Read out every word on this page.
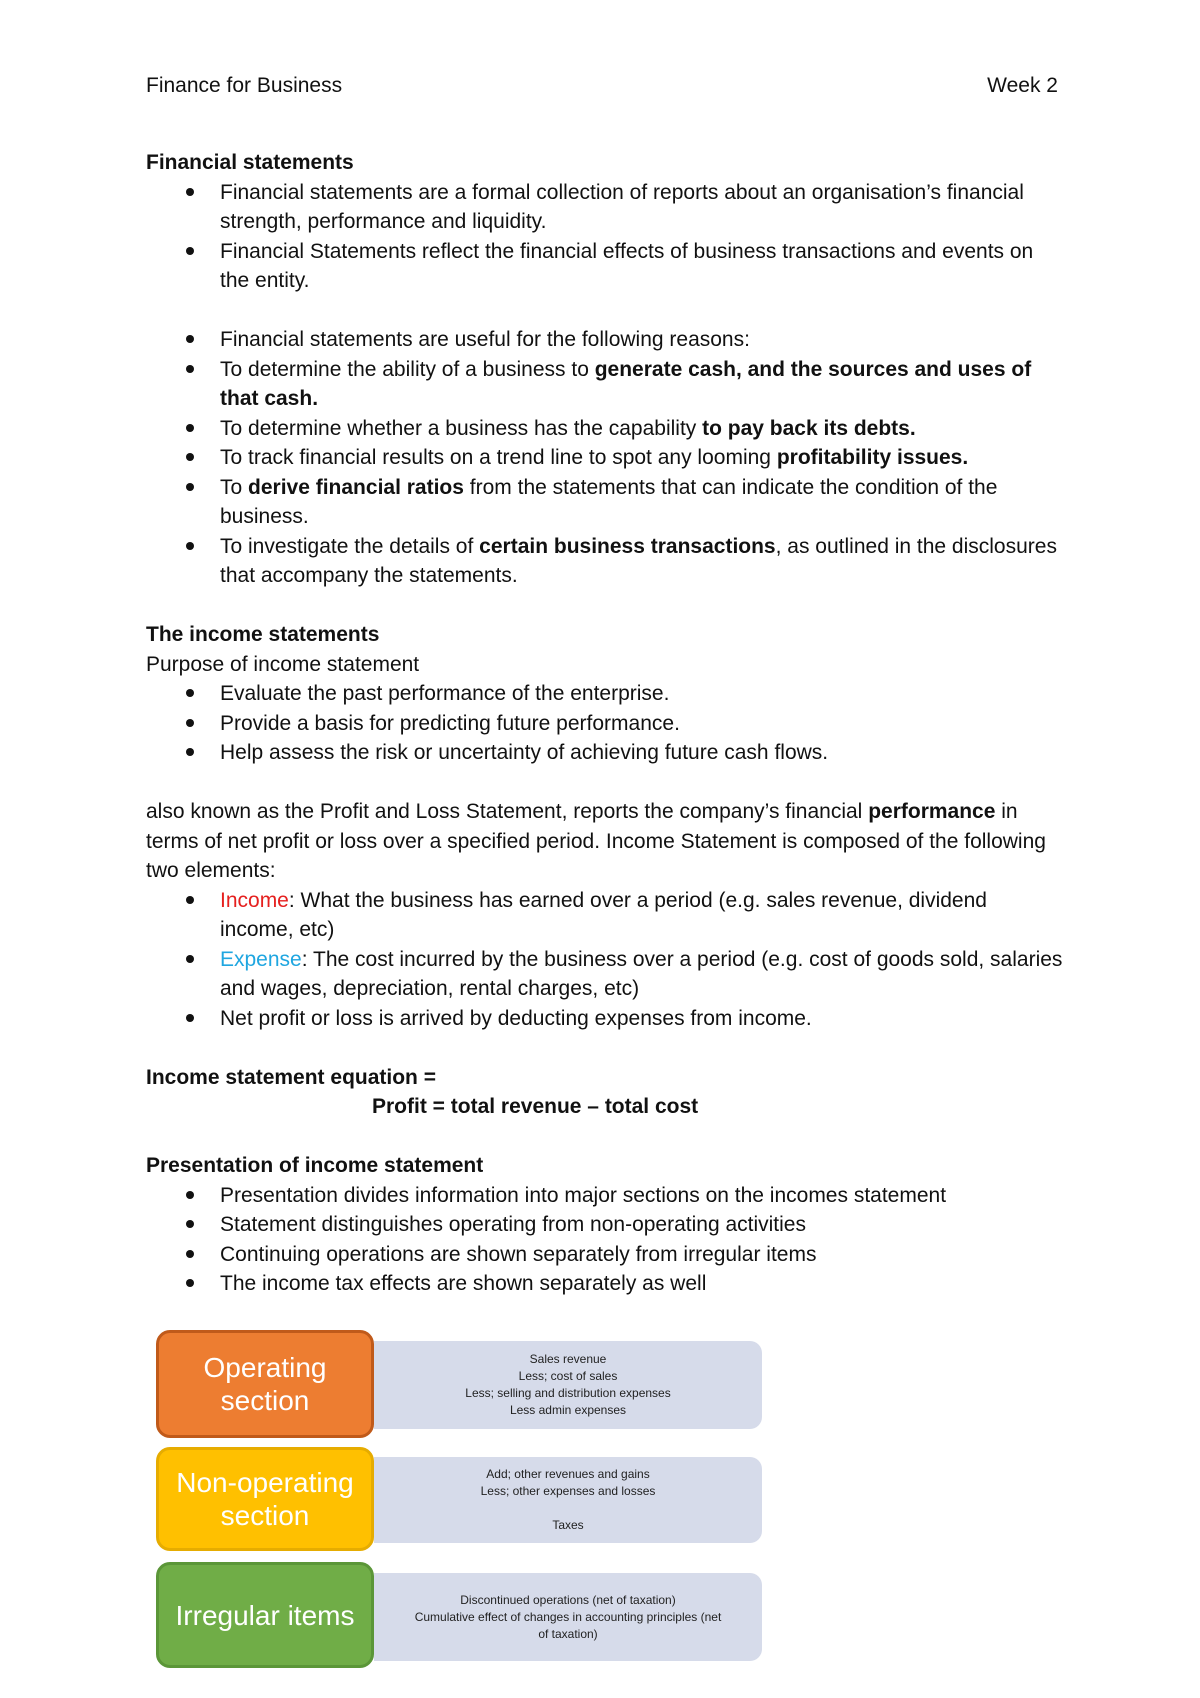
Finance for Business	Week 2

Financial statements

Financial statements are a formal collection of reports about an organisation’s financial strength, performance and liquidity.
Financial Statements reflect the financial effects of business transactions and events on the entity.
Financial statements are useful for the following reasons:
To determine the ability of a business to generate cash, and the sources and uses of that cash.
To determine whether a business has the capability to pay back its debts.
To track financial results on a trend line to spot any looming profitability issues.
To derive financial ratios from the statements that can indicate the condition of the business.
To investigate the details of certain business transactions, as outlined in the disclosures that accompany the statements.

The income statements

Purpose of income statement

Evaluate the past performance of the enterprise.
Provide a basis for predicting future performance.
Help assess the risk or uncertainty of achieving future cash flows.

also known as the Profit and Loss Statement, reports the company’s financial performance in terms of net profit or loss over a specified period. Income Statement is composed of the following two elements:

Income: What the business has earned over a period (e.g. sales revenue, dividend income, etc)
Expense: The cost incurred by the business over a period (e.g. cost of goods sold, salaries and wages, depreciation, rental charges, etc)
Net profit or loss is arrived by deducting expenses from income.

Income statement equation =

Profit = total revenue – total cost

Presentation of income statement

Presentation divides information into major sections on the incomes statement
Statement distinguishes operating from non-operating activities
Continuing operations are shown separately from irregular items
The income tax effects are shown separately as well
Sales revenue
Less; cost of sales
Less; selling and distribution expenses
Less admin expenses
Operating section
Add; other revenues and gains
Less; other expenses and losses
Taxes
Non-operating section
Discontinued operations (net of taxation)
Cumulative effect of changes in accounting principles (net of taxation)
Irregular items
